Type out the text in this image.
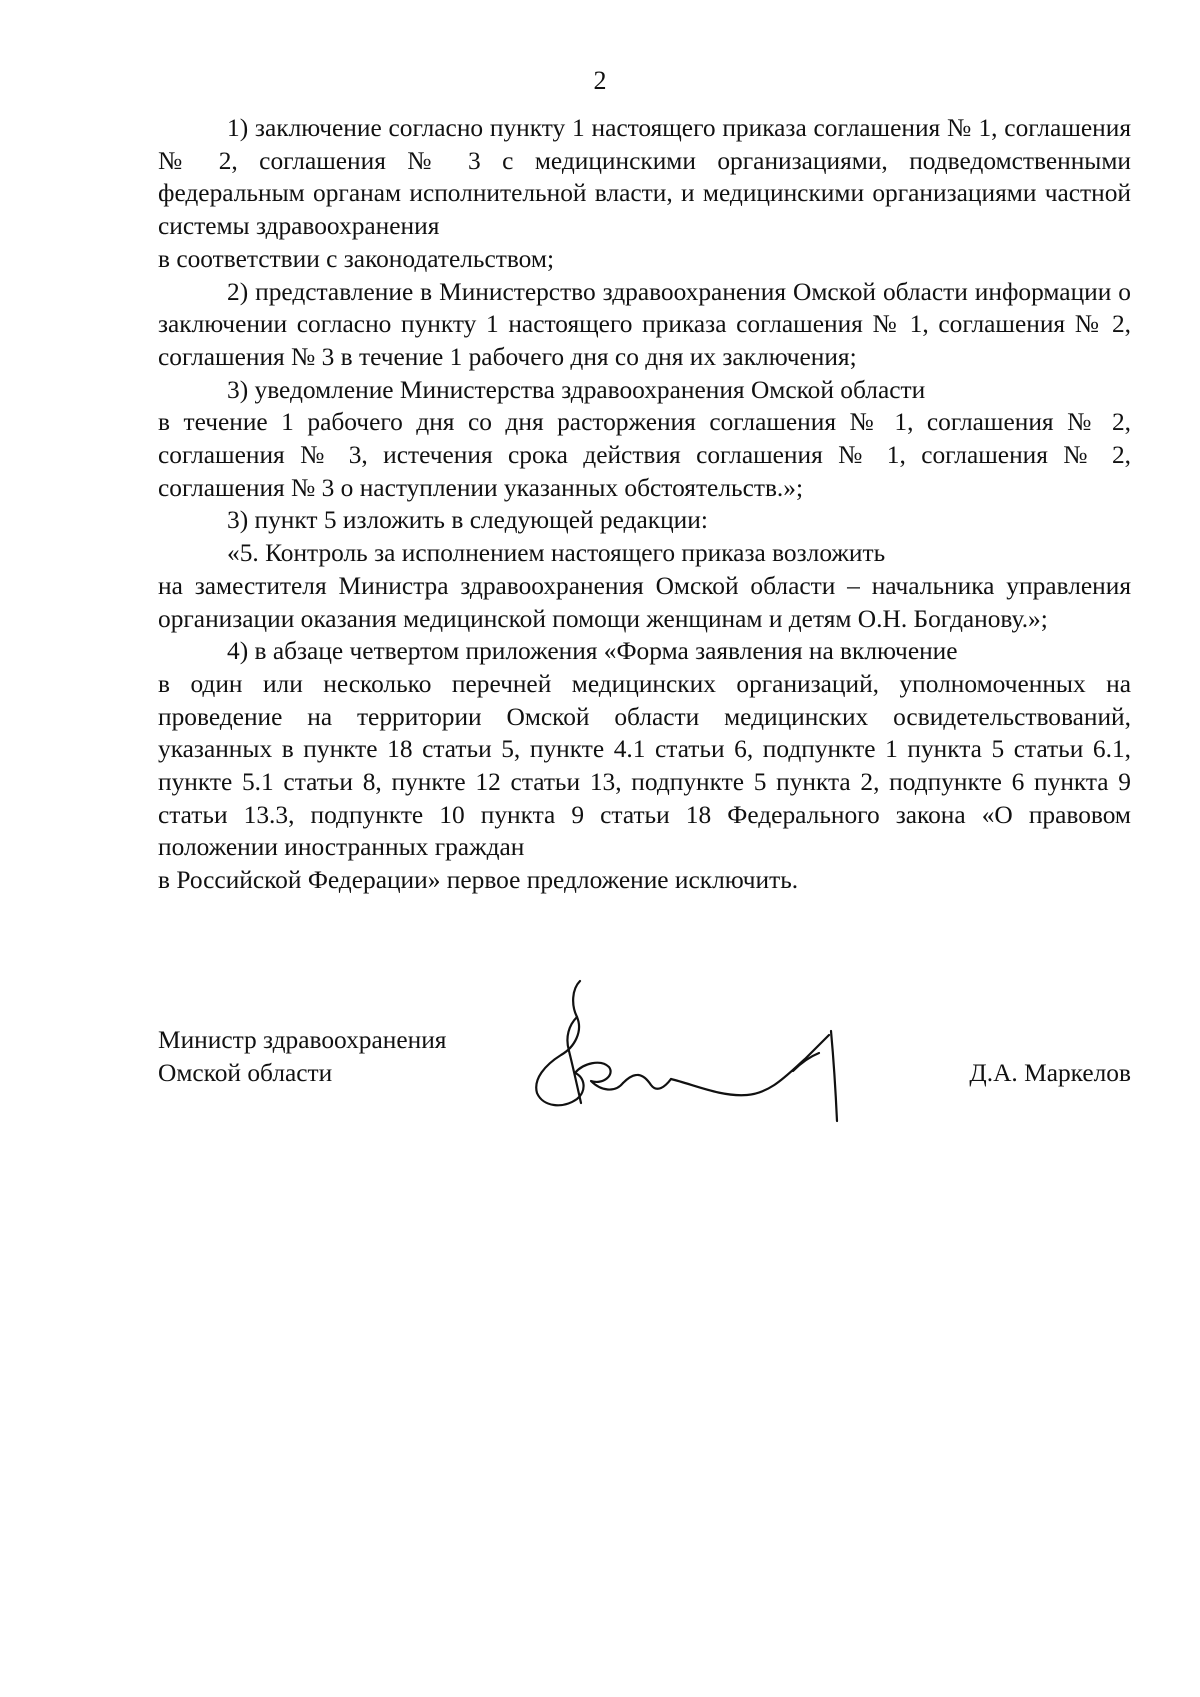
2

1) заключение согласно пункту 1 настоящего приказа соглашения № 1, соглашения № 2, соглашения № 3 с медицинскими организациями, подведомственными федеральным органам исполнительной власти, и медицинскими организациями частной системы здравоохранения
в соответствии с законодательством;

2) представление в Министерство здравоохранения Омской области информации о заключении согласно пункту 1 настоящего приказа соглашения № 1, соглашения № 2, соглашения № 3 в течение 1 рабочего дня со дня их заключения;

3) уведомление Министерства здравоохранения Омской области
в течение 1 рабочего дня со дня расторжения соглашения № 1, соглашения № 2, соглашения № 3, истечения срока действия соглашения № 1, соглашения № 2, соглашения № 3 о наступлении указанных обстоятельств.»;

3) пункт 5 изложить в следующей редакции:

«5. Контроль за исполнением настоящего приказа возложить
на заместителя Министра здравоохранения Омской области – начальника управления организации оказания медицинской помощи женщинам и детям О.Н. Богданову.»;

4) в абзаце четвертом приложения «Форма заявления на включение
в один или несколько перечней медицинских организаций, уполномоченных на проведение на территории Омской области медицинских освидетельствований, указанных в пункте 18 статьи 5, пункте 4.1 статьи 6, подпункте 1 пункта 5 статьи 6.1, пункте 5.1 статьи 8, пункте 12 статьи 13, подпункте 5 пункта 2, подпункте 6 пункта 9 статьи 13.3, подпункте 10 пункта 9 статьи 18 Федерального закона «О правовом положении иностранных граждан
в Российской Федерации» первое предложение исключить.

Министр здравоохранения
Омской области	Д.А. Маркелов
